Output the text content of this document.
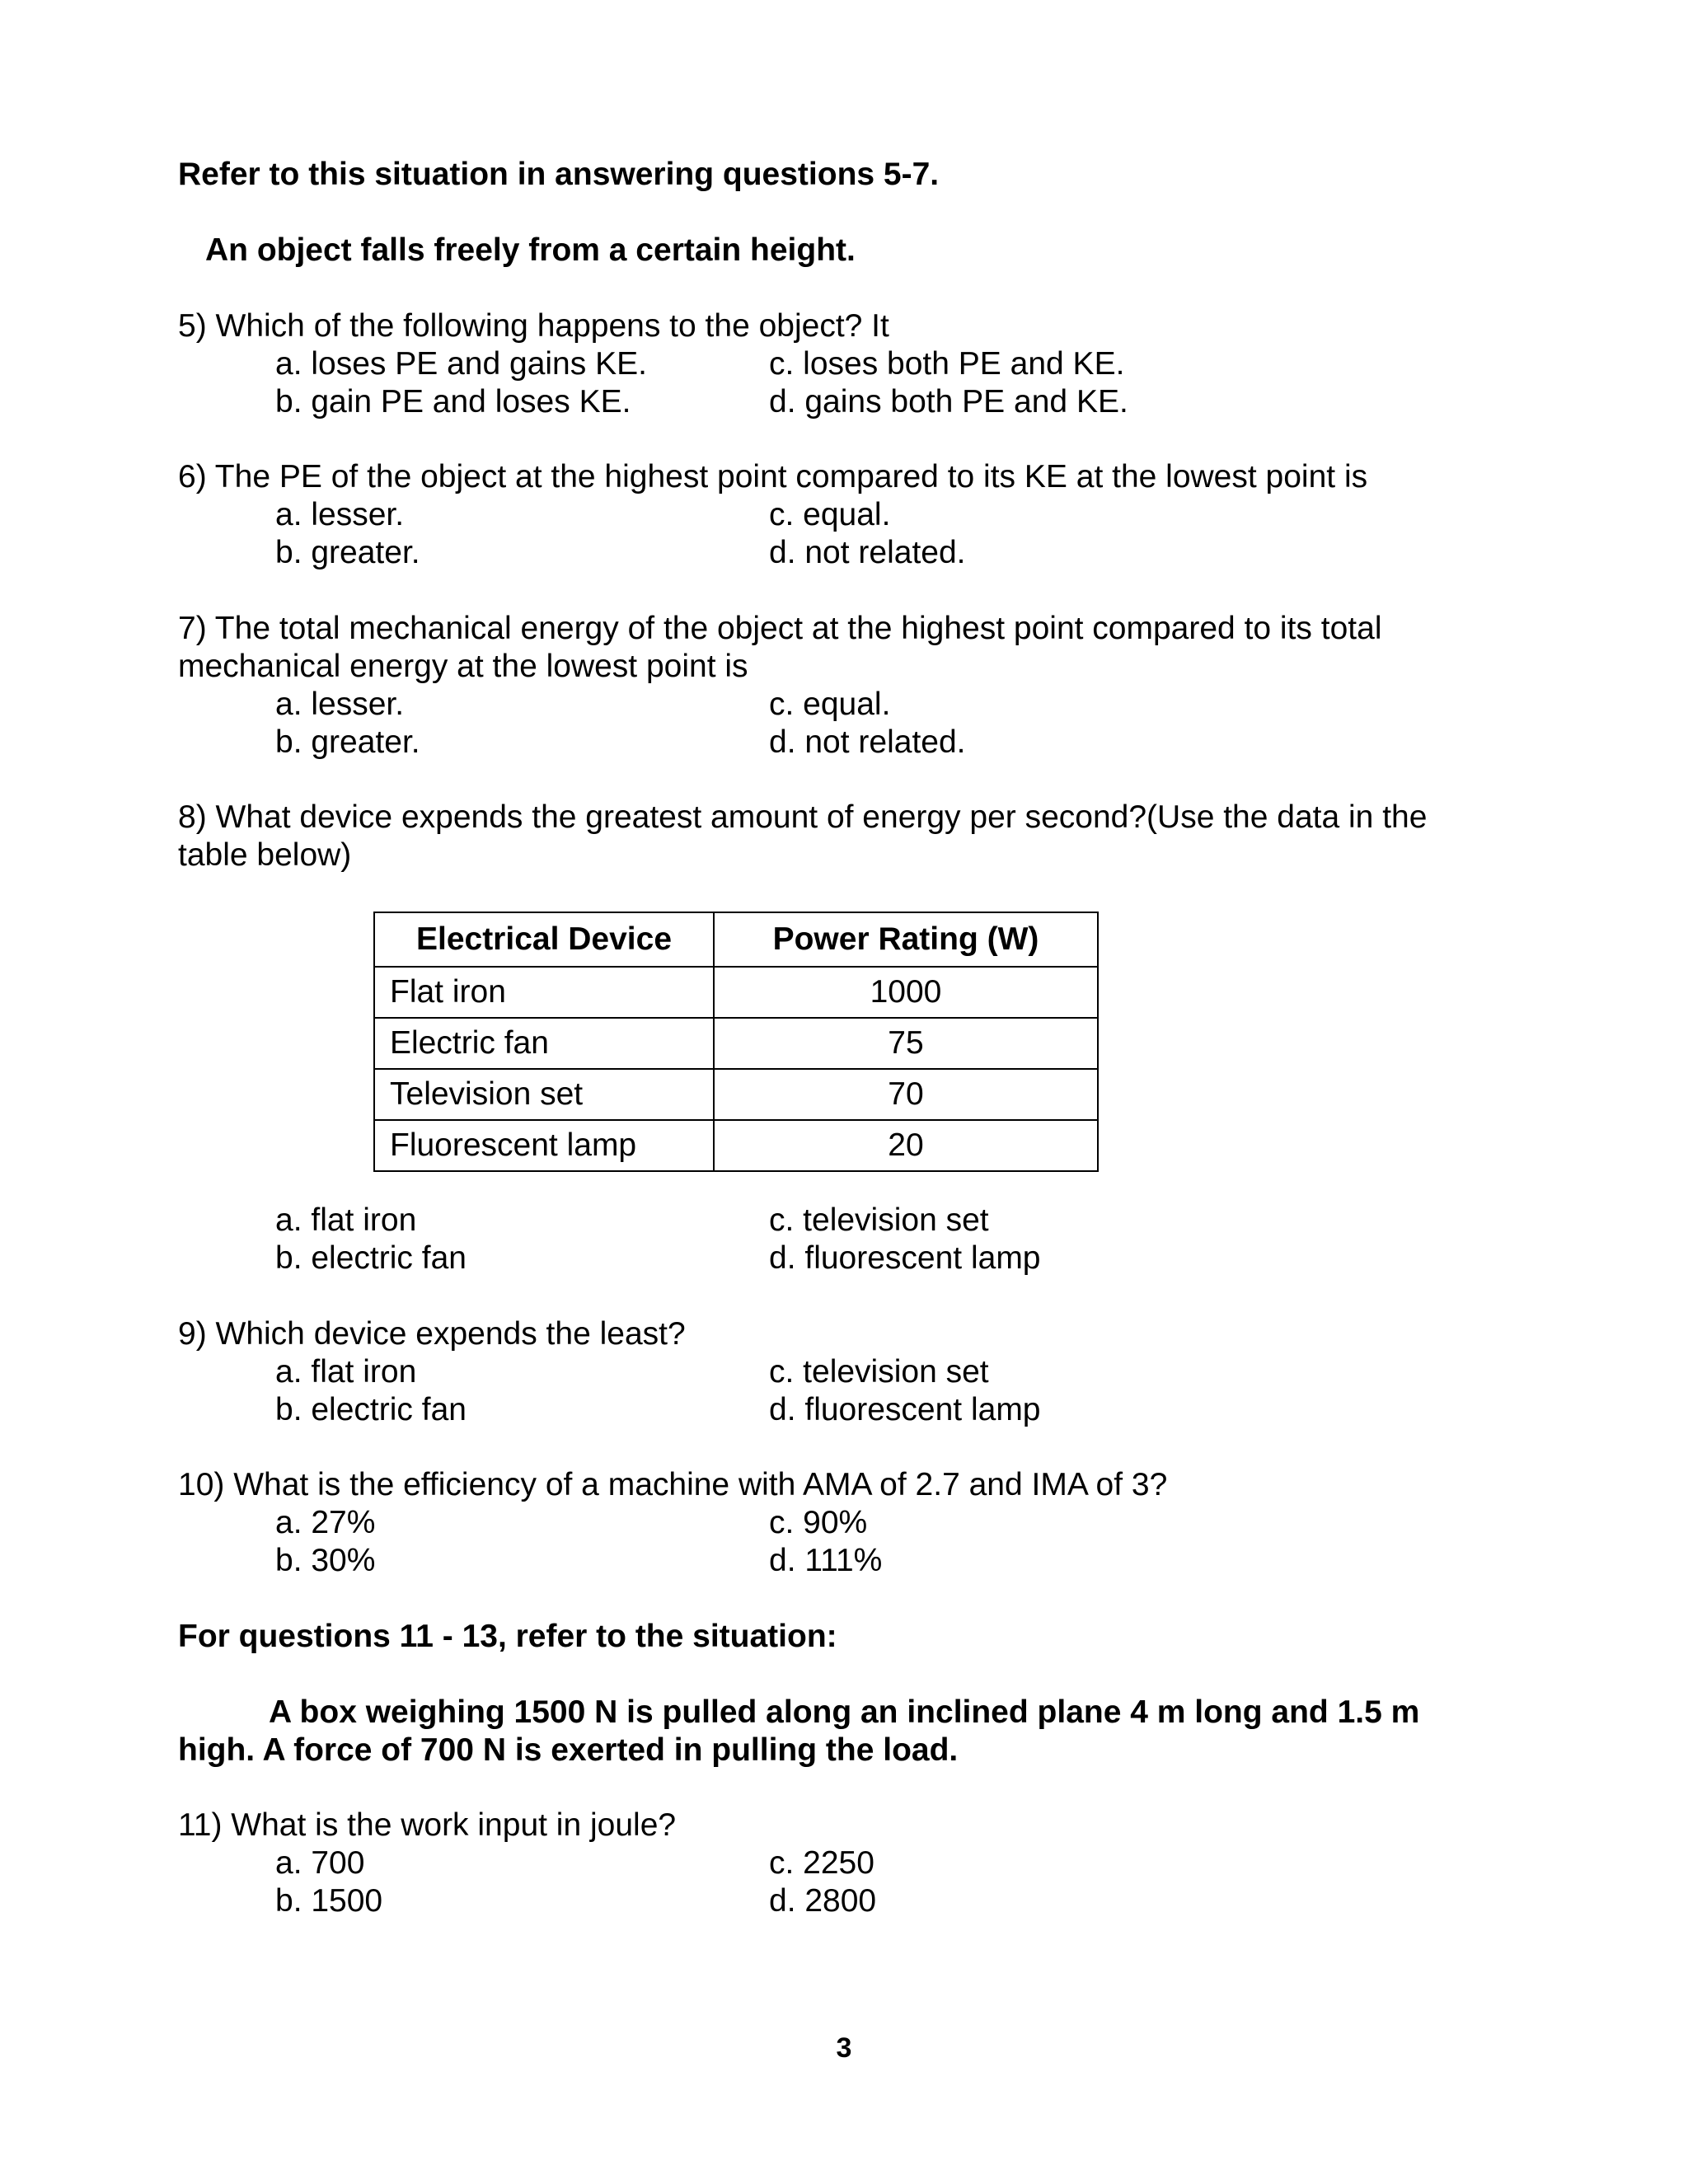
Refer to this situation in answering questions 5-7.
An object falls freely from a certain height.
5) Which of the following happens to the object? It
a. loses PE and gains KE.	c. loses both PE and KE.
b. gain PE and loses KE.	d. gains both PE and KE.
6) The PE of the object at the highest point compared to its KE at the lowest point is
a. lesser.	c. equal.
b. greater.	d. not related.
7) The total mechanical energy of the object at the highest point compared to its total
mechanical energy at the lowest point is
a. lesser.	c. equal.
b. greater.	d. not related.
8) What device expends the greatest amount of energy per second?(Use the data in the
table below)
Electrical Device	Power Rating (W)
Flat iron	1000
Electric fan	75
Television set	70
Fluorescent lamp	20
a. flat iron	c. television set
b. electric fan	d. fluorescent lamp
9) Which device expends the least?
a. flat iron	c. television set
b. electric fan	d. fluorescent lamp
10) What is the efficiency of a machine with AMA of 2.7 and IMA of 3?
a. 27%	c. 90%
b. 30%	d. 111%
For questions 11 - 13, refer to the situation:
A box weighing 1500 N is pulled along an inclined plane 4 m long and 1.5 m
high. A force of 700 N is exerted in pulling the load.
11) What is the work input in joule?
a. 700	c. 2250
b. 1500	d. 2800
3
